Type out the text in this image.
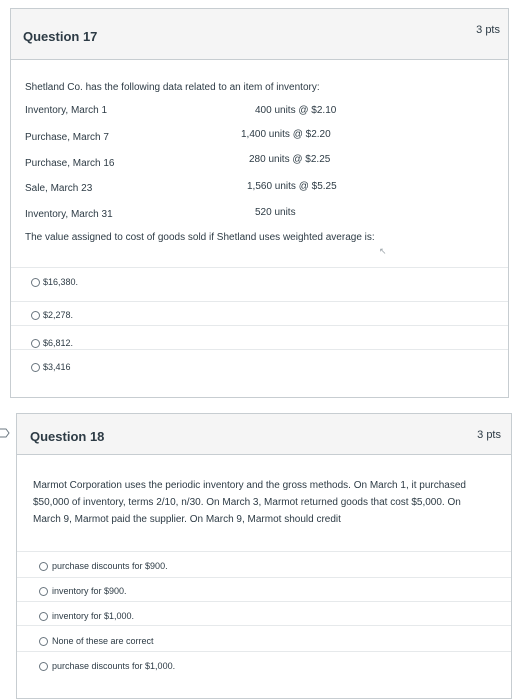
Question 17	3 pts
Shetland Co. has the following data related to an item of inventory:
Inventory, March 1	400 units @ $2.10
Purchase, March 7	1,400 units @ $2.20
Purchase, March 16	280 units @ $2.25
Sale, March 23	1,560 units @ $5.25
Inventory, March 31	520 units
The value assigned to cost of goods sold if Shetland uses weighted average is:
↖
$16,380.
$2,278.
$6,812.
$3,416
Question 18	3 pts
Marmot Corporation uses the periodic inventory and the gross methods. On March 1, it purchased
$50,000 of inventory, terms 2/10, n/30. On March 3, Marmot returned goods that cost $5,000. On
March 9, Marmot paid the supplier. On March 9, Marmot should credit
purchase discounts for $900.
inventory for $900.
inventory for $1,000.
None of these are correct
purchase discounts for $1,000.
